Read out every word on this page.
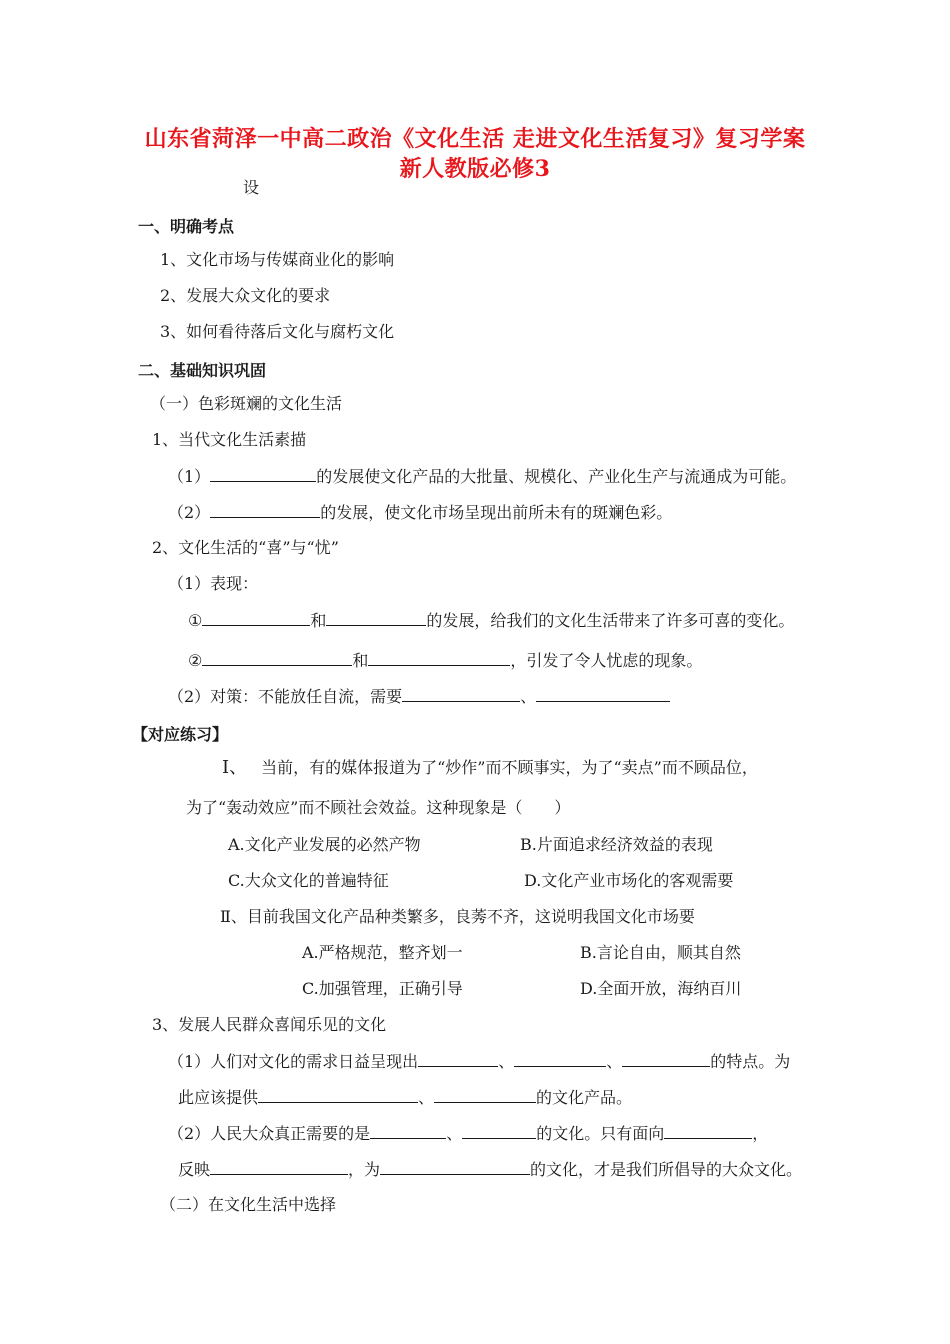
山东省菏泽一中高二政治《文化生活 走进文化生活复习》复习学案
新人教版必修3
设
一、明确考点
1、文化市场与传媒商业化的影响
2、发展大众文化的要求
3、如何看待落后文化与腐朽文化
二、基础知识巩固
（一）色彩斑斓的文化生活
1、当代文化生活素描
（1）	的发展使文化产品的大批量、规模化、产业化生产与流通成为可能。
（2）	的发展，使文化市场呈现出前所未有的斑斓色彩。
2、文化生活的“喜”与“忧”
（1）表现：
①	和	的发展，给我们的文化生活带来了许多可喜的变化。
②	和	，引发了令人忧虑的现象。
（2）对策：不能放任自流，需要	、
【对应练习】
Ⅰ、 当前，有的媒体报道为了“炒作”而不顾事实，为了“卖点”而不顾品位，
为了“轰动效应”而不顾社会效益。这种现象是（　　）
A.文化产业发展的必然产物	B.片面追求经济效益的表现
C.大众文化的普遍特征	D.文化产业市场化的客观需要
Ⅱ、目前我国文化产品种类繁多，良莠不齐，这说明我国文化市场要
A.严格规范，整齐划一	B.言论自由，顺其自然
C.加强管理，正确引导	D.全面开放，海纳百川
3、发展人民群众喜闻乐见的文化
（1）人们对文化的需求日益呈现出	、	、	的特点。为
此应该提供	、	的文化产品。
（2）人民大众真正需要的是	、	的文化。只有面向	，
反映	，为	的文化，才是我们所倡导的大众文化。
（二）在文化生活中选择
